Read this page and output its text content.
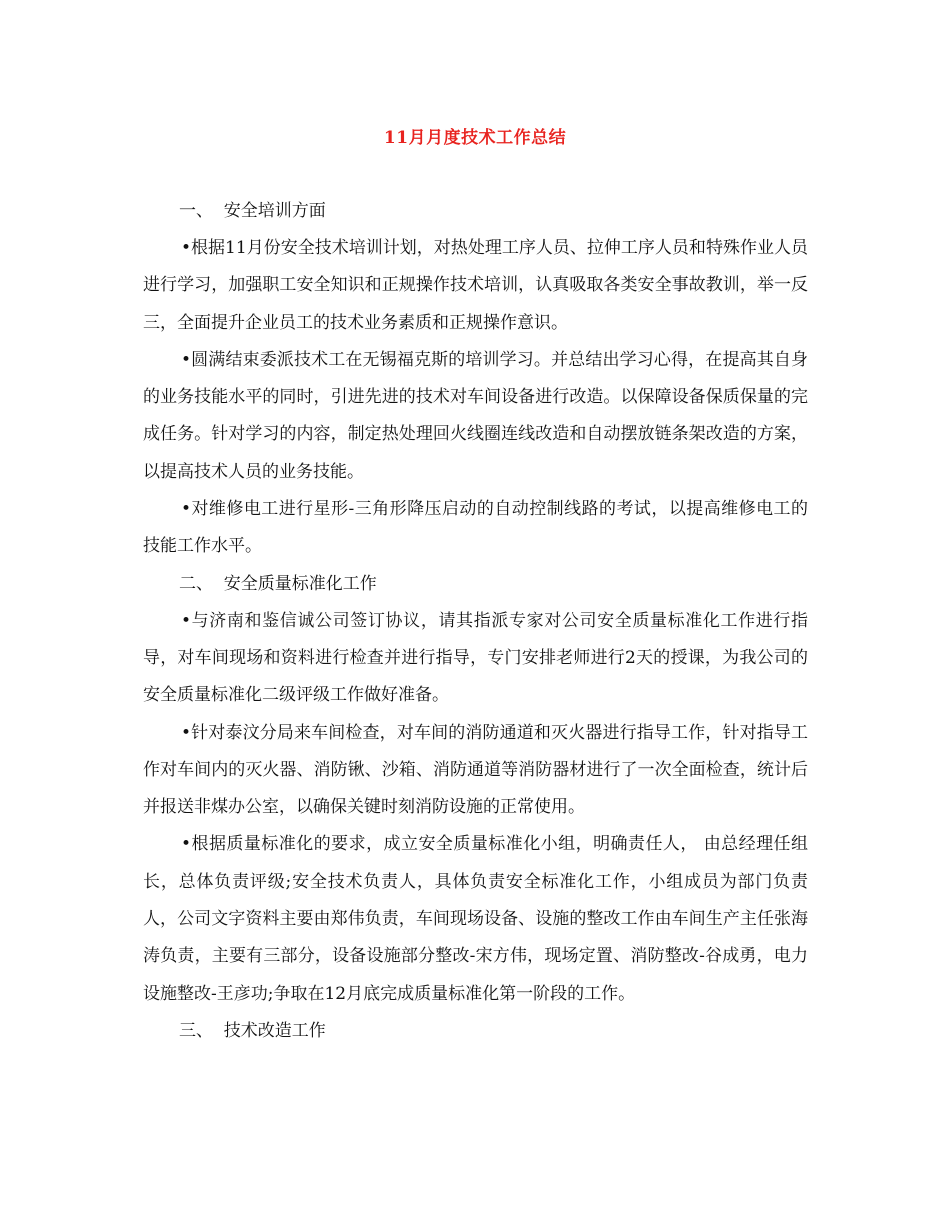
11月月度技术工作总结

一、  安全培训方面

•根据11月份安全技术培训计划，对热处理工序人员、拉伸工序人员和特殊作业人员进行学习，加强职工安全知识和正规操作技术培训，认真吸取各类安全事故教训，举一反三，全面提升企业员工的技术业务素质和正规操作意识。

•圆满结束委派技术工在无锡福克斯的培训学习。并总结出学习心得，在提高其自身的业务技能水平的同时，引进先进的技术对车间设备进行改造。以保障设备保质保量的完成任务。针对学习的内容，制定热处理回火线圈连线改造和自动摆放链条架改造的方案，以提高技术人员的业务技能。

•对维修电工进行星形-三角形降压启动的自动控制线路的考试，以提高维修电工的技能工作水平。

二、  安全质量标准化工作

•与济南和鉴信诚公司签订协议，请其指派专家对公司安全质量标准化工作进行指导，对车间现场和资料进行检查并进行指导，专门安排老师进行2天的授课，为我公司的安全质量标准化二级评级工作做好准备。

•针对泰汶分局来车间检查，对车间的消防通道和灭火器进行指导工作，针对指导工作对车间内的灭火器、消防锹、沙箱、消防通道等消防器材进行了一次全面检查，统计后并报送非煤办公室，以确保关键时刻消防设施的正常使用。

•根据质量标准化的要求，成立安全质量标准化小组，明确责任人， 由总经理任组长，总体负责评级;安全技术负责人，具体负责安全标准化工作，小组成员为部门负责人，公司文字资料主要由郑伟负责，车间现场设备、设施的整改工作由车间生产主任张海涛负责，主要有三部分，设备设施部分整改-宋方伟，现场定置、消防整改-谷成勇，电力设施整改-王彦功;争取在12月底完成质量标准化第一阶段的工作。

三、  技术改造工作
